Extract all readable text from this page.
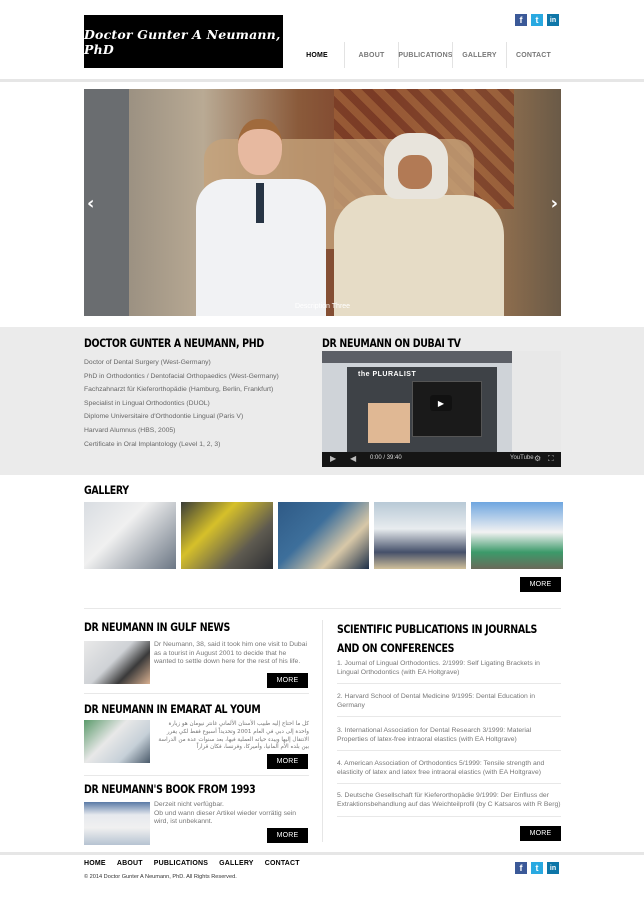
Doctor Gunter A Neumann, PhD
f	t	in
HOME	ABOUT	PUBLICATIONS	GALLERY	CONTACT
‹	›
Description Three
DOCTOR GUNTER A NEUMANN, PHD
Doctor of Dental Surgery (West-Germany)
PhD in Orthodontics / Dentofacial Orthopaedics (West-Germany)
Fachzahnarzt für Kieferorthopädie (Hamburg, Berlin, Frankfurt)
Specialist in Lingual Orthodontics (DUOL)
Diplome Universitaire d'Orthodontie Lingual (Paris V)
Harvard Alumnus (HBS, 2005)
Certificate in Oral Implantology (Level 1, 2, 3)
DR NEUMANN ON DUBAI TV
the PLURALIST
▶
▶ ◀ 0:00 / 39:40	YouTube ⚙ ⛶
GALLERY
MORE
DR NEUMANN IN GULF NEWS
Dr Neumann, 38, said it took him one visit to Dubai as a tourist in August 2001 to decide that he wanted to settle down here for the rest of his life.
MORE
DR NEUMANN IN EMARAT AL YOUM
كل ما احتاج إليه طبيب الأسنان الألماني غانتر نيومان هو زيارة واحدة إلى دبي في العام 2001 وتحديداً أسبوع فقط لكي يقرر الانتقال إليها ويبدء حياته العملية فيها، بعد سنوات عدة من الدراسة بين بلده الأم ألمانيا، وأميركا، وفرنسا، فكان قراراً
MORE
DR NEUMANN'S BOOK FROM 1993
Derzeit nicht verfügbar.
Ob und wann dieser Artikel wieder vorrätig sein wird, ist unbekannt.
MORE
SCIENTIFIC PUBLICATIONS IN JOURNALS
AND ON CONFERENCES
1. Journal of Lingual Orthodontics. 2/1999: Self Ligating Brackets in Lingual Orthodontics (with EA Holtgrave)
2. Harvard School of Dental Medicine 9/1995: Dental Education in Germany
3. International Association for Dental Research 3/1999: Material Properties of latex-free intraoral elastics (with EA Holtgrave)
4. American Association of Orthodontics 5/1999: Tensile strength and elasticity of latex and latex free intraoral elastics (with EA Holtgrave)
5. Deutsche Gesellschaft für Kieferorthopädie 9/1999: Der Einfluss der Extraktionsbehandlung auf das Weichteilprofil (by C Katsaros with R Berg)
MORE
HOME ABOUT PUBLICATIONS GALLERY CONTACT
© 2014 Doctor Gunter A Neumann, PhD. All Rights Reserved.
f	t	in
